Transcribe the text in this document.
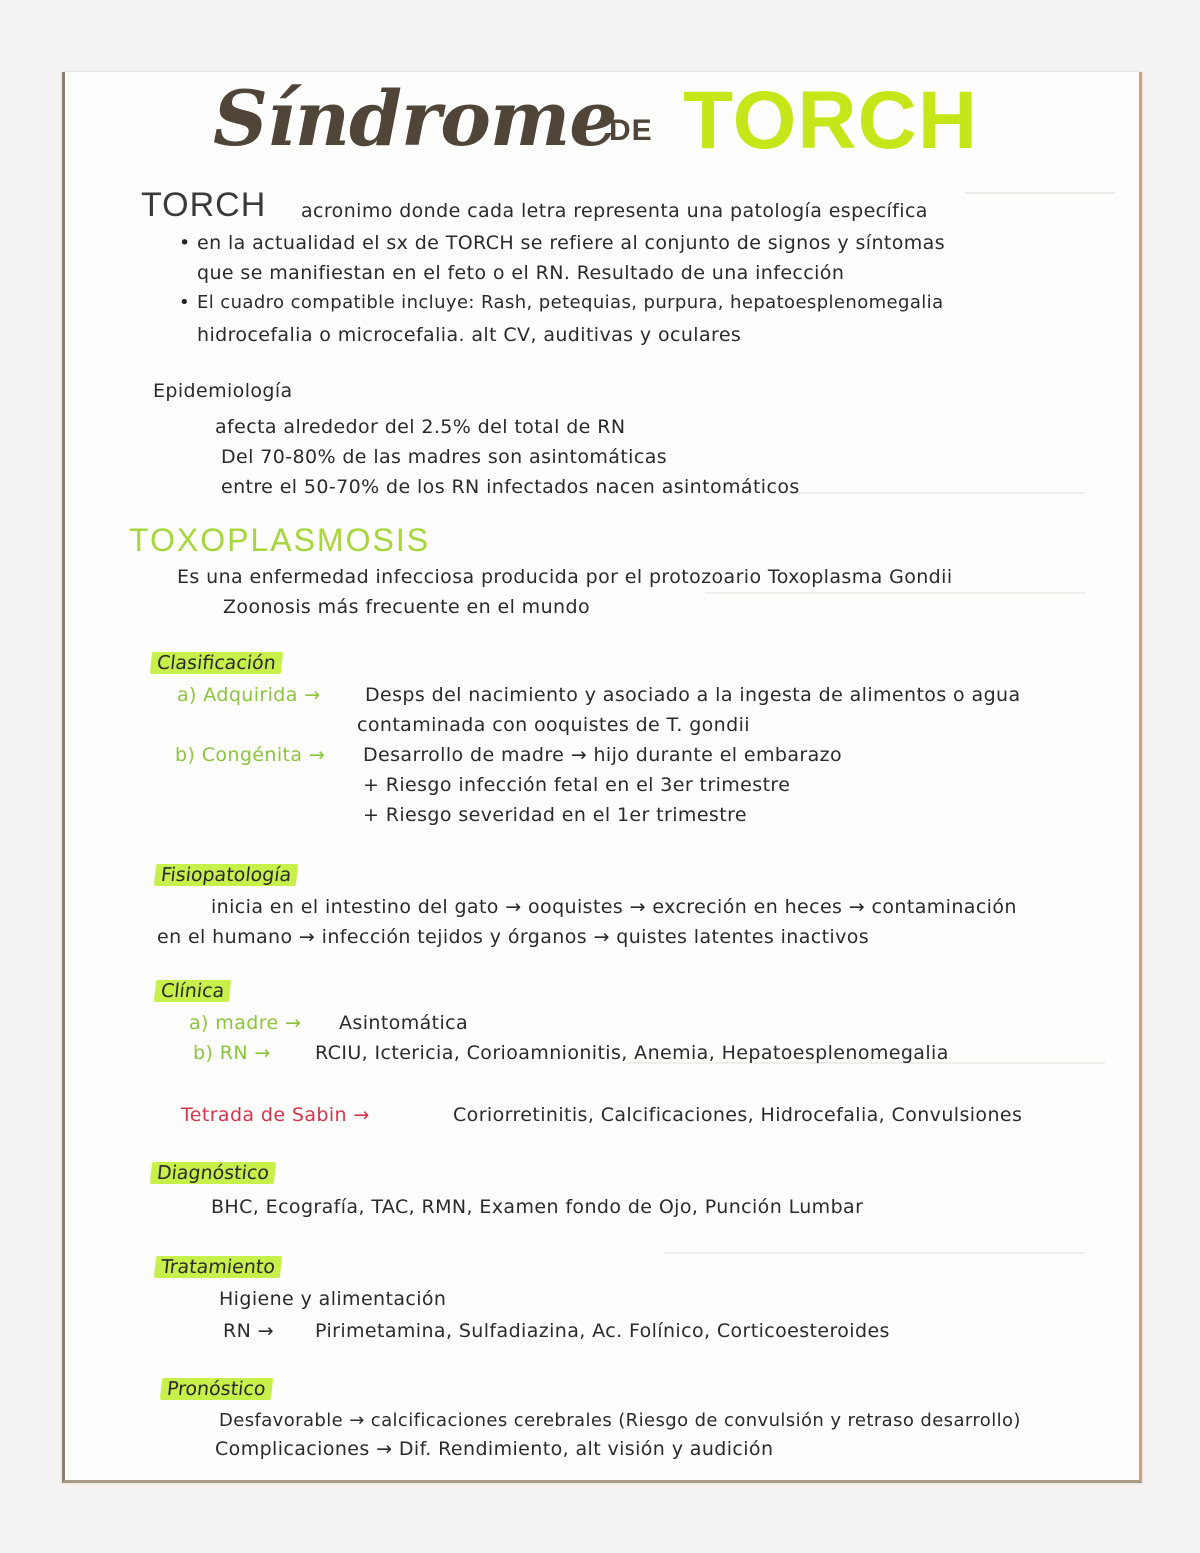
Síndrome
DE TORCH
TORCH acronimo donde cada letra representa una patología específica
• en la actualidad el sx de TORCH se refiere al conjunto de signos y síntomas
que se manifiestan en el feto o el RN. Resultado de una infección
• El cuadro compatible incluye: Rash, petequias, purpura, hepatoesplenomegalia
hidrocefalia o microcefalia. alt CV, auditivas y oculares
Epidemiología
afecta alrededor del 2.5% del total de RN
Del 70-80% de las madres son asintomáticas
entre el 50-70% de los RN infectados nacen asintomáticos
TOXOPLASMOSIS
Es una enfermedad infecciosa producida por el protozoario Toxoplasma Gondii
Zoonosis más frecuente en el mundo
Clasificación
a) Adquirida → Desps del nacimiento y asociado a la ingesta de alimentos o agua
contaminada con ooquistes de T. gondii
b) Congénita → Desarrollo de madre → hijo durante el embarazo
+ Riesgo infección fetal en el 3er trimestre
+ Riesgo severidad en el 1er trimestre
Fisiopatología
inicia en el intestino del gato → ooquistes → excreción en heces → contaminación
en el humano → infección tejidos y órganos → quistes latentes inactivos
Clínica
a) madre → Asintomática
b) RN → RCIU, Ictericia, Corioamnionitis, Anemia, Hepatoesplenomegalia
Tetrada de Sabin →	Coriorretinitis, Calcificaciones, Hidrocefalia, Convulsiones
Diagnóstico
BHC, Ecografía, TAC, RMN, Examen fondo de Ojo, Punción Lumbar
Tratamiento
Higiene y alimentación
RN → Pirimetamina, Sulfadiazina, Ac. Folínico, Corticoesteroides
Pronóstico
Desfavorable → calcificaciones cerebrales (Riesgo de convulsión y retraso desarrollo)
Complicaciones → Dif. Rendimiento, alt visión y audición
